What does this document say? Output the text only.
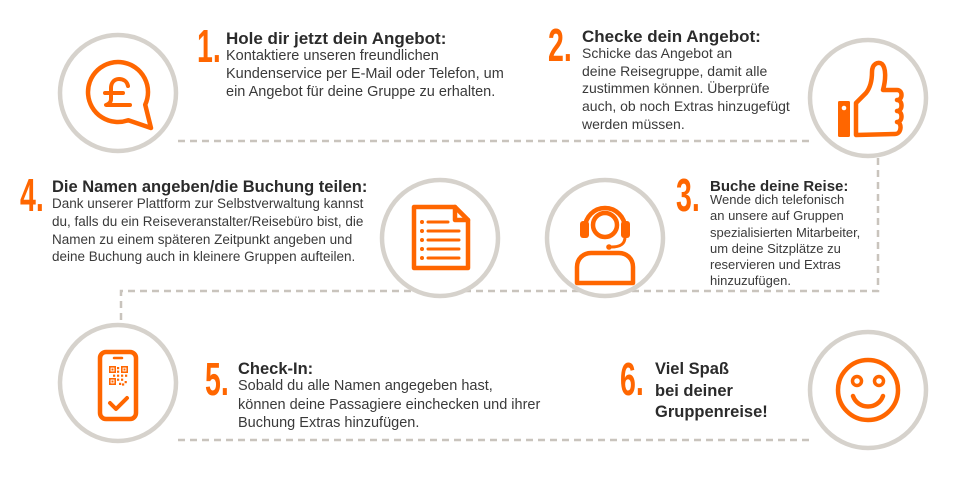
1. Hole dir jetzt dein Angebot:
Kontaktiere unseren freundlichen
Kundenservice per E-Mail oder Telefon, um
ein Angebot für deine Gruppe zu erhalten.
2. Checke dein Angebot:
Schicke das Angebot an
deine Reisegruppe, damit alle
zustimmen können. Überprüfe
auch, ob noch Extras hinzugefügt
werden müssen.
3. Buche deine Reise:
Wende dich telefonisch
an unsere auf Gruppen
spezialisierten Mitarbeiter,
um deine Sitzplätze zu
reservieren und Extras
hinzuzufügen.
4. Die Namen angeben/die Buchung teilen:
Dank unserer Plattform zur Selbstverwaltung kannst
du, falls du ein Reiseveranstalter/Reisebüro bist, die
Namen zu einem späteren Zeitpunkt angeben und
deine Buchung auch in kleinere Gruppen aufteilen.
5. Check-In:
Sobald du alle Namen angegeben hast,
können deine Passagiere einchecken und ihrer
Buchung Extras hinzufügen.
6. Viel Spaß
bei deiner
Gruppenreise!
